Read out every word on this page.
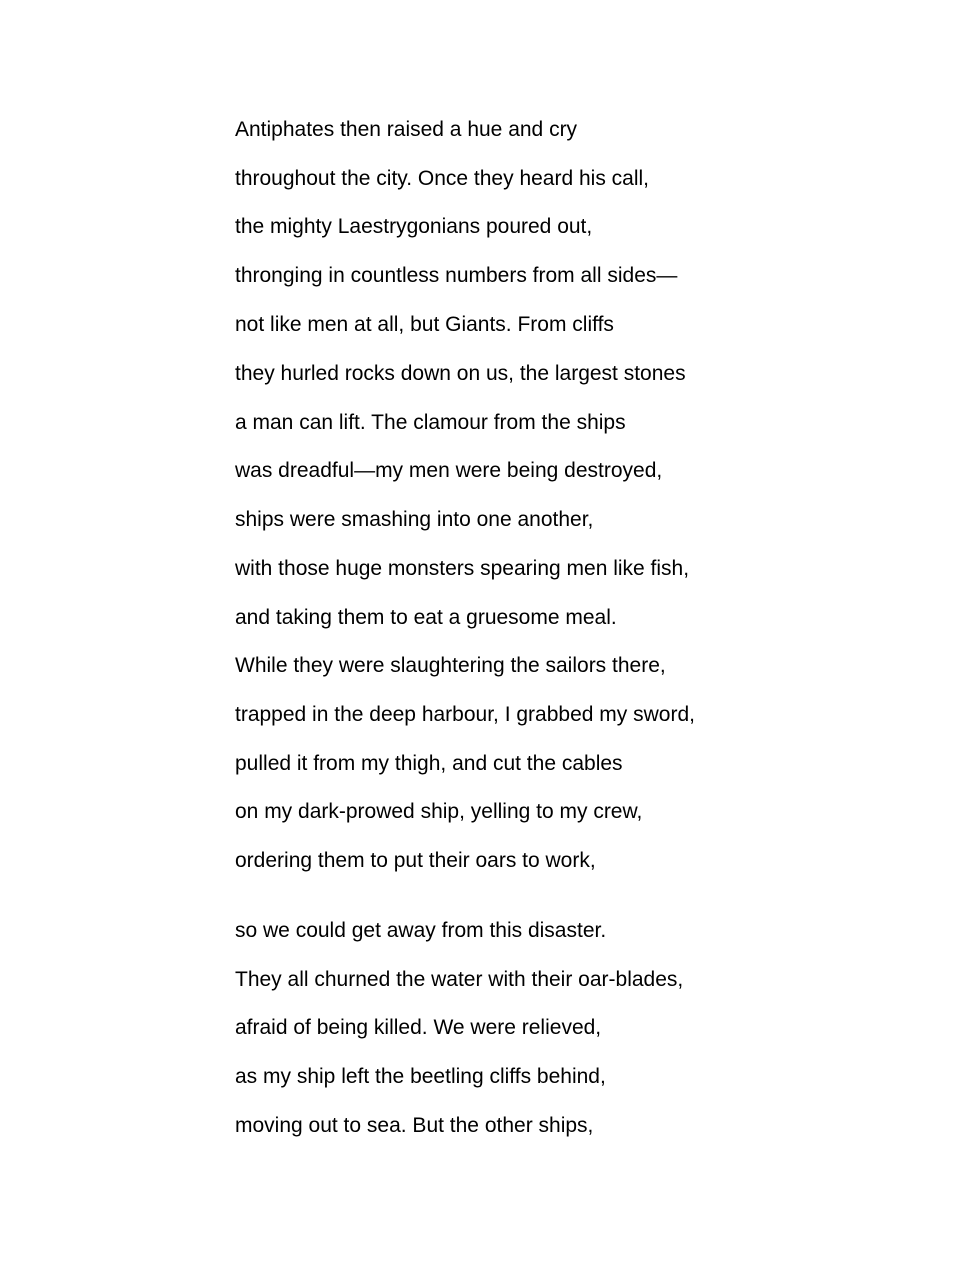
Antiphates then raised a hue and cry
throughout the city. Once they heard his call,
the mighty Laestrygonians poured out,
thronging in countless numbers from all sides—
not like men at all, but Giants. From cliffs
they hurled rocks down on us, the largest stones
a man can lift. The clamour from the ships
was dreadful—my men were being destroyed,
ships were smashing into one another,
with those huge monsters spearing men like fish,
and taking them to eat a gruesome meal.
While they were slaughtering the sailors there,
trapped in the deep harbour, I grabbed my sword,
pulled it from my thigh, and cut the cables
on my dark-prowed ship, yelling to my crew,
ordering them to put their oars to work,
so we could get away from this disaster.
They all churned the water with their oar-blades,
afraid of being killed. We were relieved,
as my ship left the beetling cliffs behind,
moving out to sea. But the other ships,
